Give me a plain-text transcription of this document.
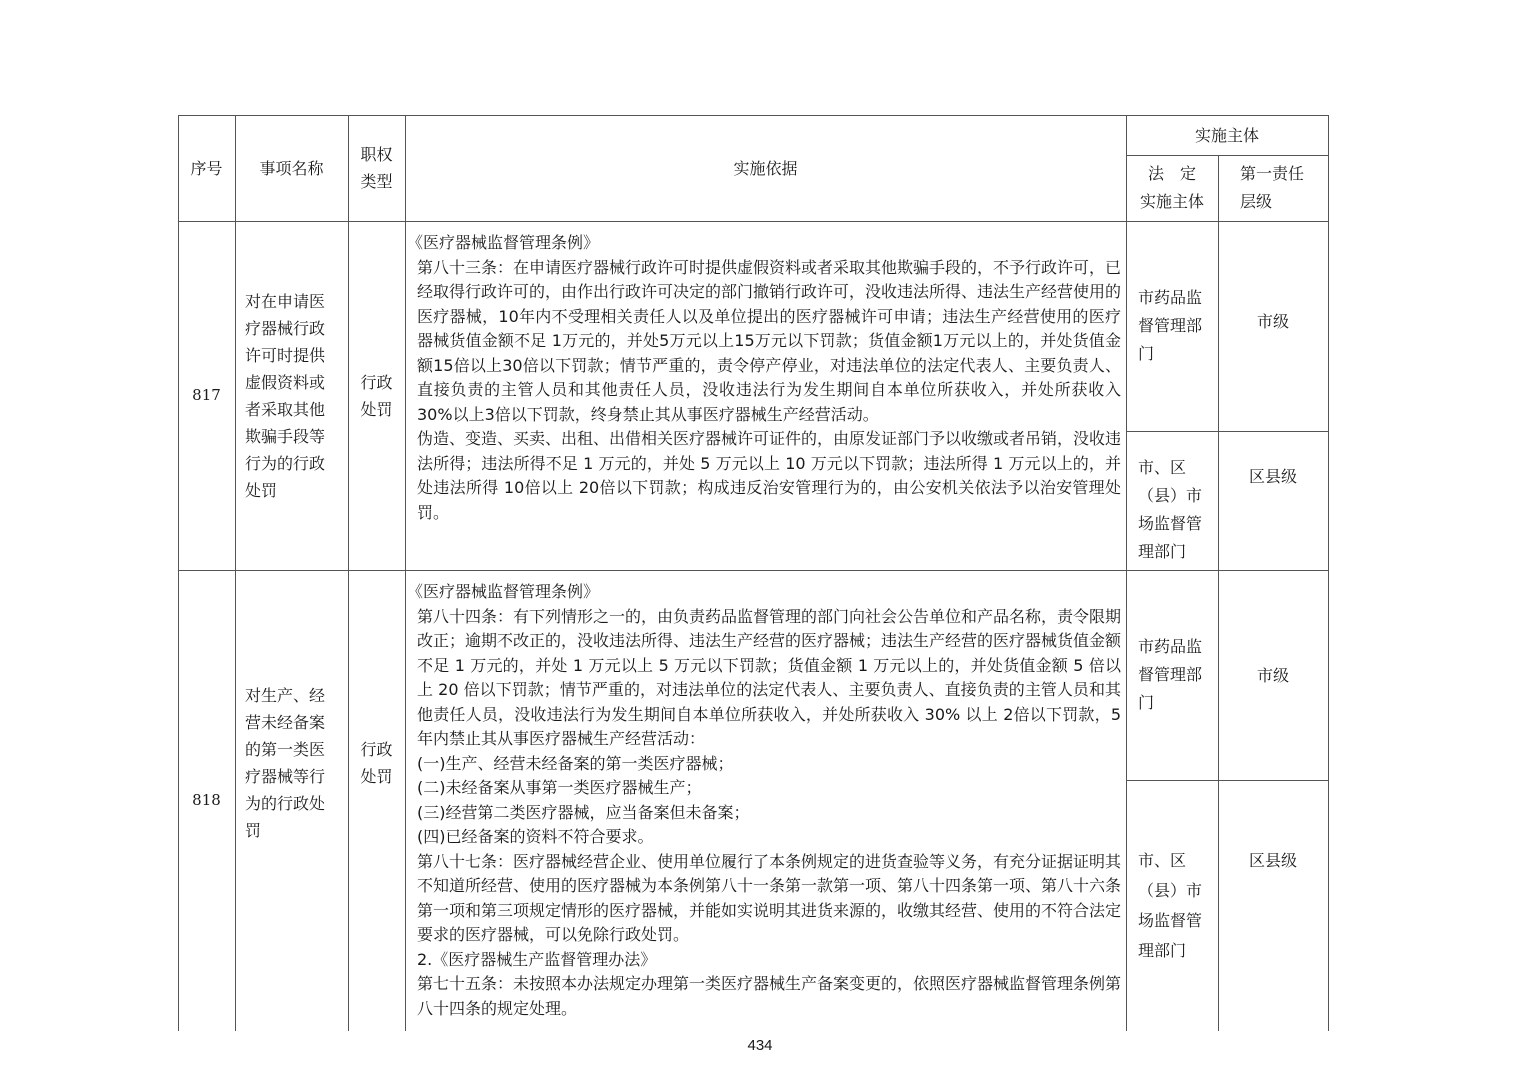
序号 事项名称
职权
类型
实施依据
实施主体
法　定
实施主体
第一责任
层级
817
对在申请医疗器械行政许可时提供虚假资料或者采取其他欺骗手段等行为的行政处罚
行政处罚
《医疗器械监督管理条例》
第八十三条：在申请医疗器械行政许可时提供虚假资料或者采取其他欺骗手段的，不予行政许可，已经取得行政许可的，由作出行政许可决定的部门撤销行政许可，没收违法所得、违法生产经营使用的医疗器械，10年内不受理相关责任人以及单位提出的医疗器械许可申请；违法生产经营使用的医疗器械货值金额不足 1万元的，并处5万元以上15万元以下罚款；货值金额1万元以上的，并处货值金额15倍以上30倍以下罚款；情节严重的，责令停产停业，对违法单位的法定代表人、主要负责人、直接负责的主管人员和其他责任人员，没收违法行为发生期间自本单位所获收入，并处所获收入30%以上3倍以下罚款，终身禁止其从事医疗器械生产经营活动。
伪造、变造、买卖、出租、出借相关医疗器械许可证件的，由原发证部门予以收缴或者吊销，没收违法所得；违法所得不足 1 万元的，并处 5 万元以上 10 万元以下罚款；违法所得 1 万元以上的，并处违法所得 10倍以上 20倍以下罚款；构成违反治安管理行为的，由公安机关依法予以治安管理处罚。
市药品监督管理部门
市级
市、区（县）市场监督管理部门
区县级
818
对生产、经营未经备案的第一类医疗器械等行为的行政处罚
行政处罚
《医疗器械监督管理条例》
第八十四条：有下列情形之一的，由负责药品监督管理的部门向社会公告单位和产品名称，责令限期改正；逾期不改正的，没收违法所得、违法生产经营的医疗器械；违法生产经营的医疗器械货值金额不足 1 万元的，并处 1 万元以上 5 万元以下罚款；货值金额 1 万元以上的，并处货值金额 5 倍以上 20 倍以下罚款；情节严重的，对违法单位的法定代表人、主要负责人、直接负责的主管人员和其他责任人员，没收违法行为发生期间自本单位所获收入，并处所获收入 30% 以上 2倍以下罚款，5年内禁止其从事医疗器械生产经营活动：
(一)生产、经营未经备案的第一类医疗器械；
(二)未经备案从事第一类医疗器械生产；
(三)经营第二类医疗器械，应当备案但未备案；
(四)已经备案的资料不符合要求。
第八十七条：医疗器械经营企业、使用单位履行了本条例规定的进货查验等义务，有充分证据证明其不知道所经营、使用的医疗器械为本条例第八十一条第一款第一项、第八十四条第一项、第八十六条第一项和第三项规定情形的医疗器械，并能如实说明其进货来源的，收缴其经营、使用的不符合法定要求的医疗器械，可以免除行政处罚。
2.《医疗器械生产监督管理办法》
第七十五条：未按照本办法规定办理第一类医疗器械生产备案变更的，依照医疗器械监督管理条例第八十四条的规定处理。
市药品监督管理部门
市级
市、区（县）市场监督管理部门
区县级
434
